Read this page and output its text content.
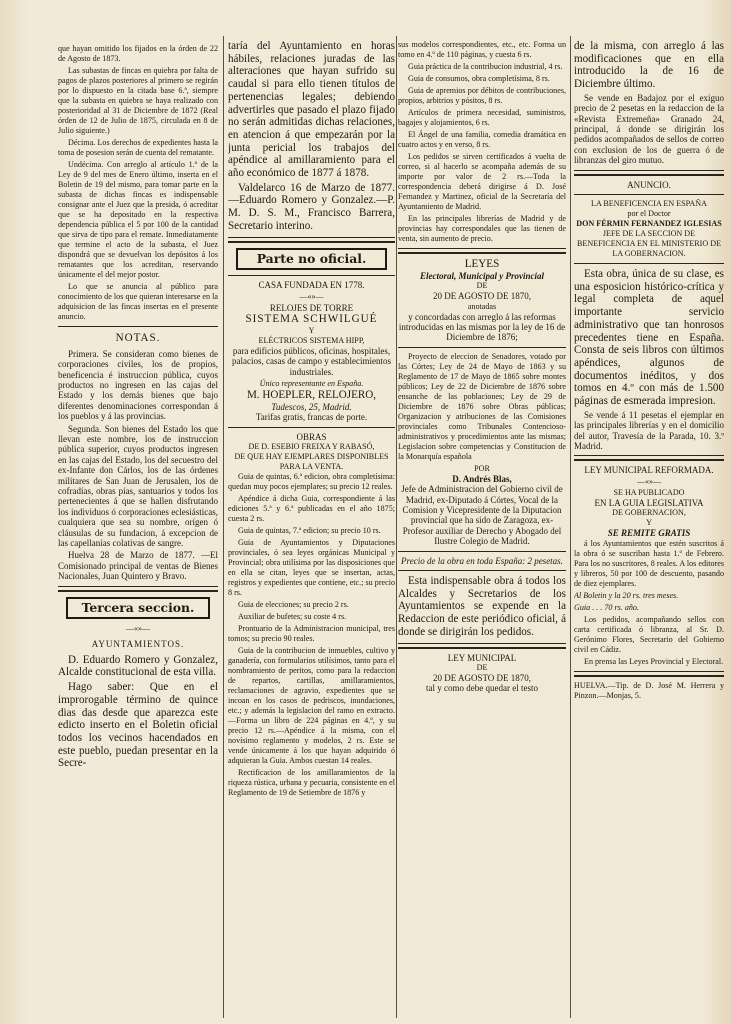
que hayan omitido los fijados en la órden de 22 de Agosto de 1873.

Las subastas de fincas en quiebra por falta de pagos de plazos posteriores al primero se regirán por lo dispuesto en la citada base 6.ª, siempre que la subasta en quiebra se haya realizado con posterioridad al 31 de Diciembre de 1872 (Real órden de 12 de Julio de 1875, circulada en 8 de Julio siguiente.)

Décima. Los derechos de expedientes hasta la toma de posesion serán de cuenta del rematante.

Undécima. Con arreglo al artículo 1.º de la Ley de 9 del mes de Enero último, inserta en el Boletin de 19 del mismo, para tomar parte en la subasta de dichas fincas es indispensable consignar ante el Juez que la presida, ó acreditar que se ha depositado en la respectiva dependencia pública el 5 por 100 de la cantidad que sirva de tipo para el remate. Inmediatamente que termine el acto de la subasta, el Juez dispondrá que se devuelvan los depósitos á los rematantes que los acreditan, reservando únicamente el del mejor postor.

Lo que se anuncia al público para conocimiento de los que quieran interesarse en la adquisicion de las fincas insertas en el presente anuncio.

NOTAS.

Primera. Se consideran como bienes de corporaciones civiles, los de propios, beneficencia é instruccion pública, cuyos productos no ingresen en las cajas del Estado y los demás bienes que bajo diferentes denominaciones correspondan á los pueblos y á las provincias.

Segunda. Son bienes del Estado los que llevan este nombre, los de instruccion pública superior, cuyos productos ingresen en las cajas del Estado, los del secuestro del ex-Infante don Cárlos, los de las órdenes militares de San Juan de Jerusalen, los de cofradías, obras pías, santuarios y todos los pertenecientes á que se hallen disfrutando los individuos ó corporaciones eclesiásticas, cualquiera que sea su nombre, orígen ó cláusulas de su fundacion, á excepcion de las capellanías colativas de sangre.

Huelva 28 de Marzo de 1877. —El Comisionado principal de ventas de Bienes Nacionales, Juan Quintero y Bravo.

Tercera seccion.
—«»—
AYUNTAMIENTOS.

D. Eduardo Romero y Gonzalez, Alcalde constitucional de esta villa.

Hago saber: Que en el improrogable término de quince dias das desde que aparezca este edicto inserto en el Boletin oficial todos los vecinos hacendados en este pueblo, puedan presentar en la Secre-

taría del Ayuntamiento en horas hábiles, relaciones juradas de las alteraciones que hayan sufrido su caudal si para ello tienen títulos de pertenencias legales; debiendo advertirles que pasado el plazo fijado no serán admitidas dichas relaciones, en atencion á que empezarán por la junta pericial los trabajos del apéndice al amillaramiento para el año económico de 1877 á 1878.

Valdelarco 16 de Marzo de 1877.—Eduardo Romero y Gonzalez.—P. M. D. S. M., Francisco Barrera, Secretario interino.

Parte no oficial.
CASA FUNDADA EN 1778.
—«»—
RELOJES DE TORRE
SISTEMA SCHWILGUÉ
Y
ELÉCTRICOS SISTEMA HIPP,

para edificios públicos, oficinas, hospitales, palacios, casas de campo y establecimientos industriales.

Único representante en España.
M. HOEPLER, RELOJERO,
Tudescos, 25, Madrid.
Tarifas gratis, francas de porte.
OBRAS
DE D. ESEBIO FREIXA Y RABASÓ,
DE QUE HAY EJEMPLARES DISPONIBLES PARA LA VENTA.

Guia de quintas, 6.ª edicion, obra completísima: quedan muy pocos ejemplares; su precio 12 reales.

Apéndice á dicha Guia, correspondiente á las ediciones 5.ª y 6.ª publicadas en el año 1875; cuesta 2 rs.

Guia de quintas, 7.ª edicion; su precio 10 rs.

Guia de Ayuntamientos y Diputaciones provinciales, ó sea leyes orgánicas Municipal y Provincial; obra utilísima por las disposiciones que en ella se citan, leyes que se insertan, actas, registros y expedientes que contiene, etc.; su precio 8 rs.

Guia de elecciones; su precio 2 rs.

Auxiliar de bufetes; su coste 4 rs.

Prontuario de la Administracion municipal, tres tomos; su precio 90 reales.

Guia de la contribucion de inmuebles, cultivo y ganadería, con formularios utilísimos, tanto para el nombramiento de peritos, como para la redaccion de repartos, cartillas, amillaramientos, reclamaciones de agravio, expedientes que se incoan en los casos de pedriscos, inundaciones, etc.; y además la legislacion del ramo en extracto.—Forma un libro de 224 páginas en 4.º, y su precio 12 rs.—Apéndice á la misma, con el novísimo reglamento y modelos, 2 rs. Este se vende únicamente á los que hayan adquirido ó adquieran la Guia. Ambos cuestan 14 reales.

Rectificacion de los amillaramientos de la riqueza rústica, urbana y pecuaria, consistente en el Reglamento de 19 de Setiembre de 1876 y

sus modelos correspondientes, etc., etc. Forma un tomo en 4.º de 110 páginas, y cuesta 6 rs.

Guia práctica de la contribucion industrial, 4 rs.

Guia de consumos, obra completísima, 8 rs.

Guia de apremios por débitos de contribuciones, propios, arbitrios y pósitos, 8 rs.

Artículos de primera necesidad, suministros, bagajes y alojamientos, 6 rs.

El Ángel de una familia, comedia dramática en cuatro actos y en verso, 8 rs.

Los pedidos se sirven certificados á vuelta de correo, si al hacerlo se acompaña además de su importe por valor de 2 rs.—Toda la correspondencia deberá dirigirse á D. José Fernandez y Martinez, oficial de la Secretaría del Ayuntamiento de Madrid.

En las principales librerías de Madrid y de provincias hay correspondales que las tienen de venta, sin aumento de precio.

LEYES
Electoral, Municipal y Provincial
DE
20 DE AGOSTO DE 1870,
anotadas

y concordadas con arreglo á las reformas introducidas en las mismas por la ley de 16 de Diciembre de 1876;

Proyecto de eleccion de Senadores, votado por las Córtes; Ley de 24 de Mayo de 1863 y su Reglamento de 17 de Mayo de 1865 sobre montes públicos; Ley de 22 de Diciembre de 1876 sobre ensanche de las poblaciones; Ley de 29 de Diciembre de 1876 sobre Obras públicas; Organizacion y atribuciones de las Comisiones provinciales como Tribunales Contencioso-administrativos y procedimientos ante las mismas; Legislacion sobre competencias y Constitucion de la Monarquía española

POR
D. Andrés Blas,

Jefe de Administracion del Gobierno civil de Madrid, ex-Diputado á Córtes, Vocal de la Comision y Vicepresidente de la Diputacion provincial que ha sido de Zaragoza, ex-Profesor auxiliar de Derecho y Abogado del Ilustre Colegio de Madrid.

Precio de la obra en toda España: 2 pesetas.

Esta indispensable obra á todos los Alcaldes y Secretarios de los Ayuntamientos se expende en la Redaccion de este periódico oficial, á donde se dirigirán los pedidos.

LEY MUNICIPAL
DE
20 DE AGOSTO DE 1870,

tal y como debe quedar el testo

de la misma, con arreglo á las modificaciones que en ella introducido la de 16 de Diciembre último.

Se vende en Badajoz por el exiguo precio de 2 pesetas en la redaccion de la «Revista Extremeña» Granado 24, principal, á donde se dirigirán los pedidos acompañados de sellos de correo con exclusion de los de guerra ó de libranzas del giro mutuo.

ANUNCIO.
LA BENEFICENCIA EN ESPAÑA
por el Doctor
DON FÉRMIN FERNANDEZ IGLESIAS

JEFE DE LA SECCION DE BENEFICENCIA EN EL MINISTERIO DE LA GOBERNACION.

Esta obra, única de su clase, es una esposicion histórico-crítica y legal completa de aquel importante servicio administrativo que tan honrosos precedentes tiene en España. Consta de seis libros con últimos apéndices, algunos de documentos inéditos, y dos tomos en 4.º con más de 1.500 páginas de esmerada impresion.

Se vende á 11 pesetas el ejemplar en las principales librerías y en el domicilio del autor, Travesía de la Parada, 10. 3.º Madrid.

LEY MUNICIPAL REFORMADA.
—«»—
SE HA PUBLICADO
EN LA GUIA LEGISLATIVA
DE GOBERNACION,
Y
SE REMITE GRATIS

á los Ayuntamientos que estén suscritos á la obra ó se suscriban hasta 1.º de Febrero. Para los no suscritores, 8 reales. A los editores y libreros, 50 por 100 de descuento, pasando de diez ejemplares.

Al Boletin y la 20 rs. tres meses.

Guia . . . 70 rs. año.

Los pedidos, acompañando sellos con carta certificada ó libranza, al Sr. D. Gerónimo Flores, Secretario del Gobierno civil en Cádiz.

En prensa las Leyes Provincial y Electoral.

HUELVA.—Tip. de D. José M. Herrera y Pinzon.—Monjas, 5.
